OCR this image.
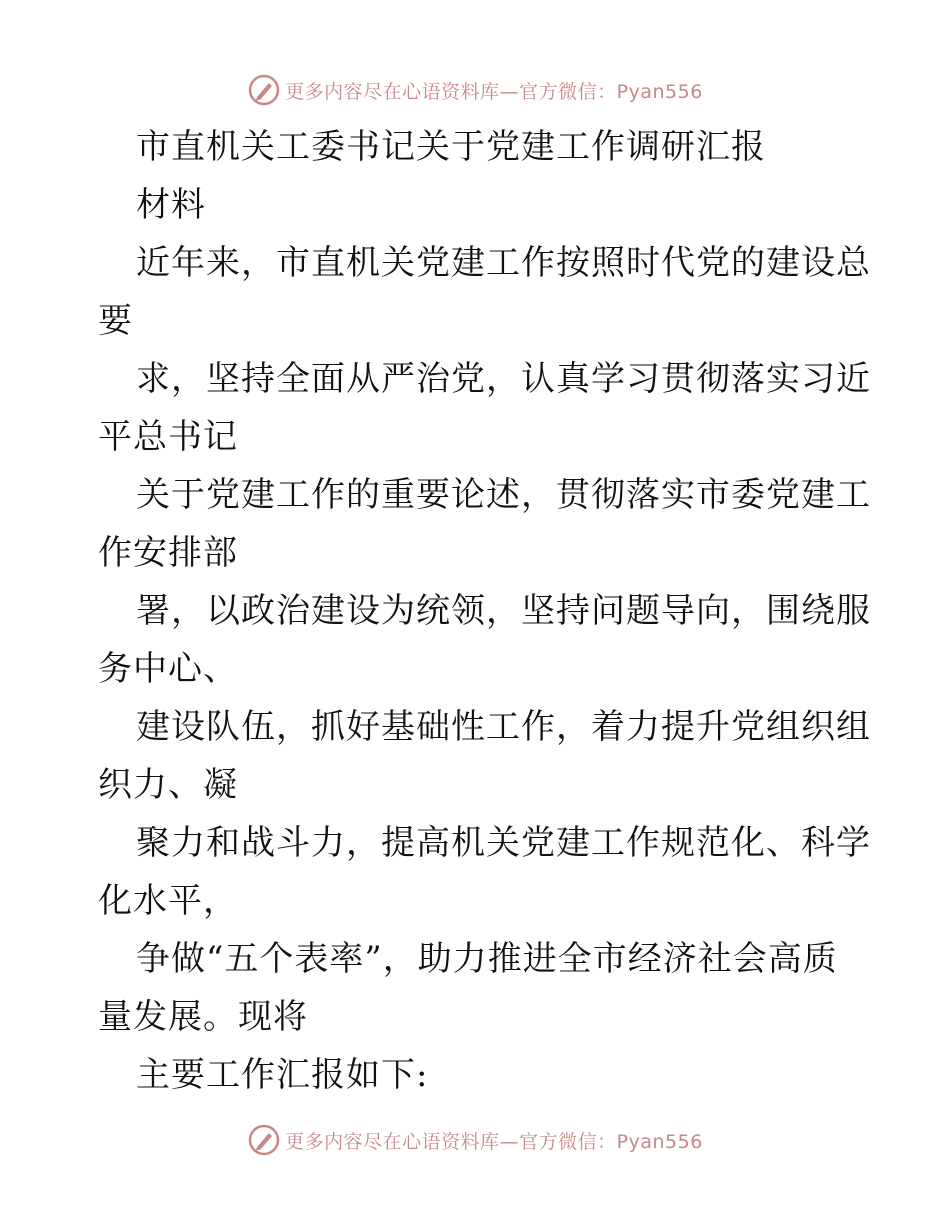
更多内容尽在心语资料库—官方微信：Pyan556
市直机关工委书记关于党建工作调研汇报
材料
近年来，市直机关党建工作按照时代党的建设总
要
求，坚持全面从严治党，认真学习贯彻落实习近
平总书记
关于党建工作的重要论述，贯彻落实市委党建工
作安排部
署，以政治建设为统领，坚持问题导向，围绕服
务中心、
建设队伍，抓好基础性工作，着力提升党组织组
织力、凝
聚力和战斗力，提高机关党建工作规范化、科学
化水平，
争做“五个表率”，助力推进全市经济社会高质
量发展。现将
主要工作汇报如下:
更多内容尽在心语资料库—官方微信：Pyan556
